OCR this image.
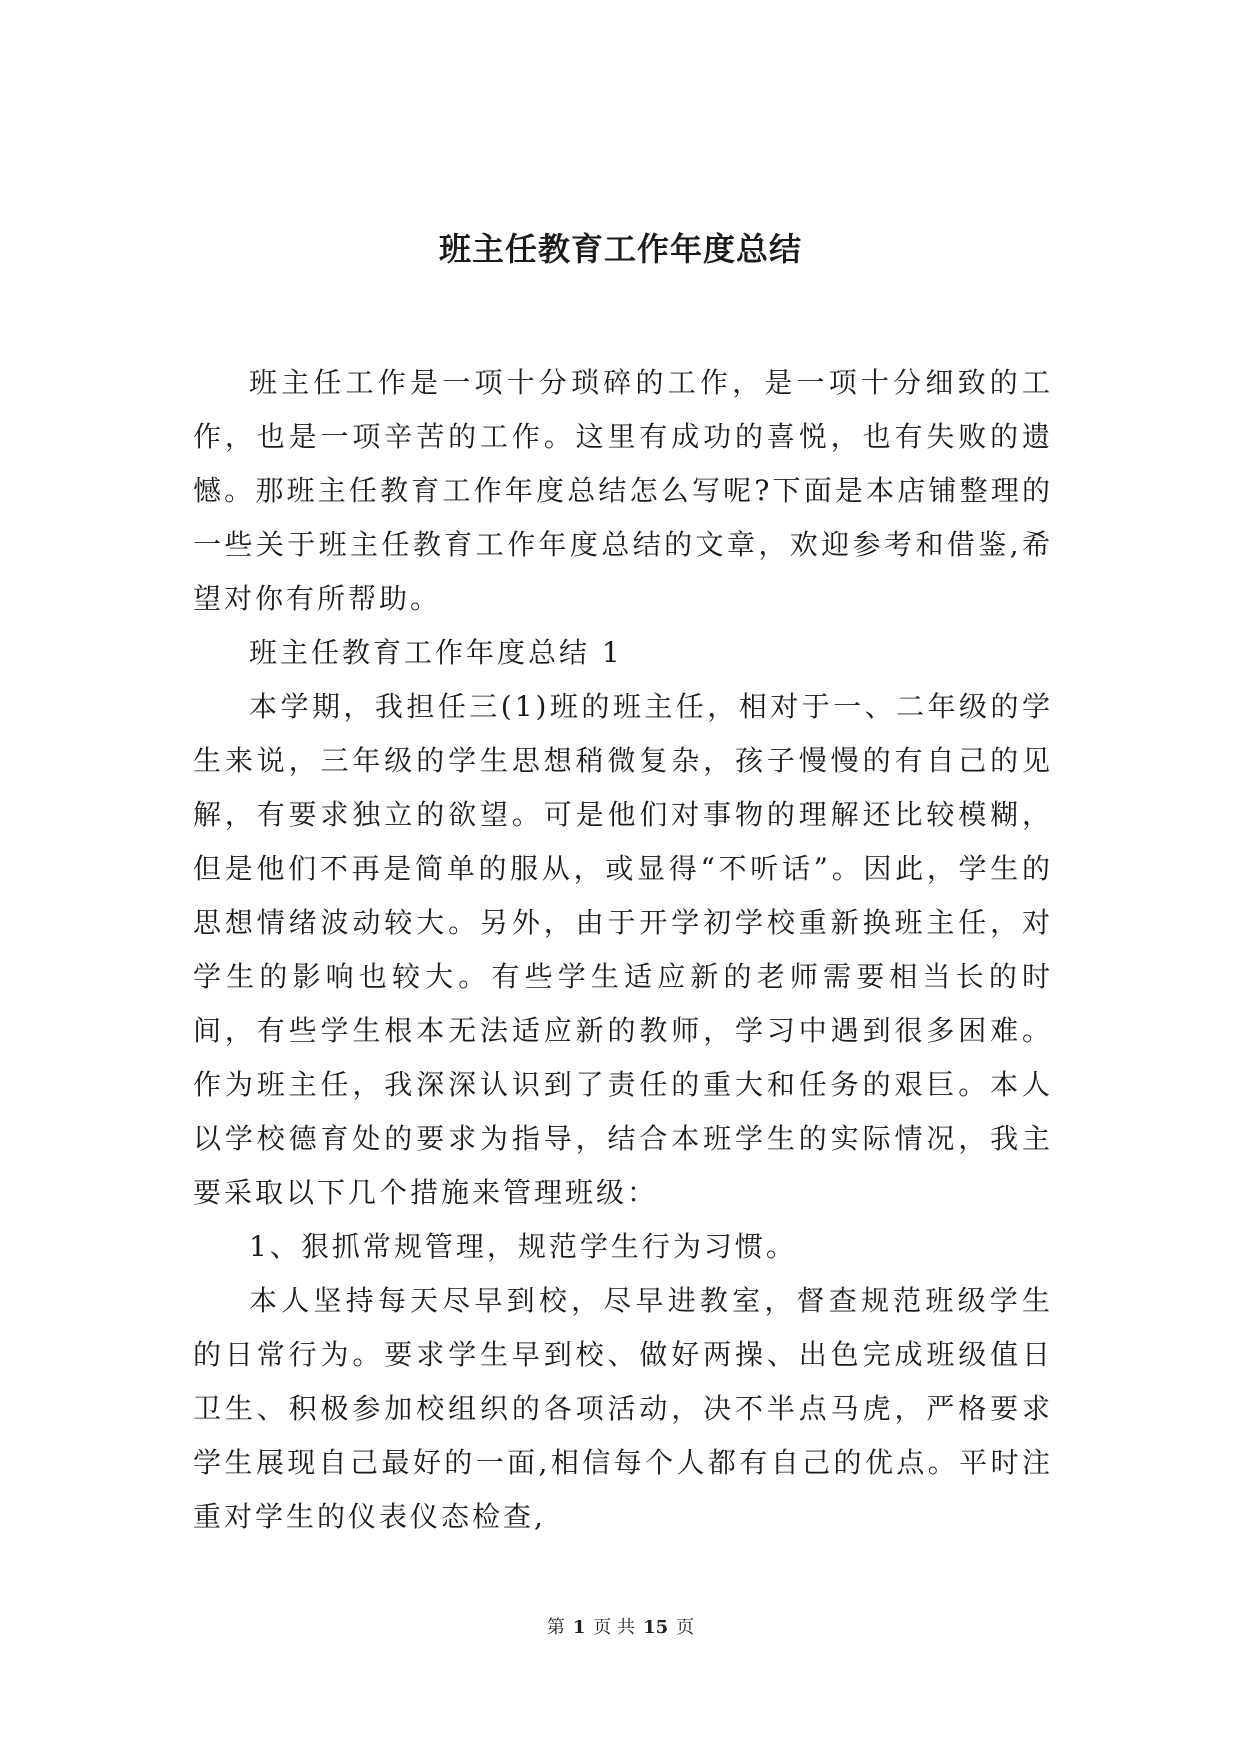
班主任教育工作年度总结

班主任工作是一项十分琐碎的工作，是一项十分细致的工作，也是一项辛苦的工作。这里有成功的喜悦，也有失败的遗憾。那班主任教育工作年度总结怎么写呢?下面是本店铺整理的一些关于班主任教育工作年度总结的文章，欢迎参考和借鉴,希望对你有所帮助。

班主任教育工作年度总结 1

本学期，我担任三(1)班的班主任，相对于一、二年级的学生来说，三年级的学生思想稍微复杂，孩子慢慢的有自己的见解，有要求独立的欲望。可是他们对事物的理解还比较模糊，但是他们不再是简单的服从，或显得“不听话”。因此，学生的思想情绪波动较大。另外，由于开学初学校重新换班主任，对学生的影响也较大。有些学生适应新的老师需要相当长的时间，有些学生根本无法适应新的教师，学习中遇到很多困难。作为班主任，我深深认识到了责任的重大和任务的艰巨。本人以学校德育处的要求为指导，结合本班学生的实际情况，我主要采取以下几个措施来管理班级：

1、狠抓常规管理，规范学生行为习惯。

本人坚持每天尽早到校，尽早进教室，督查规范班级学生的日常行为。要求学生早到校、做好两操、出色完成班级值日卫生、积极参加校组织的各项活动，决不半点马虎，严格要求学生展现自己最好的一面,相信每个人都有自己的优点。平时注重对学生的仪表仪态检查,

第 1 页 共 15 页
